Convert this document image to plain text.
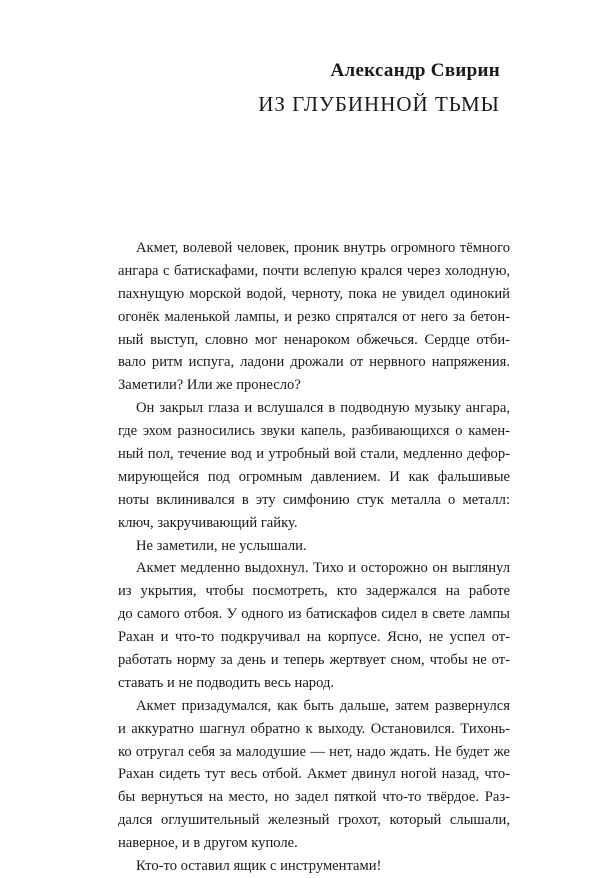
Александр Свирин
ИЗ ГЛУБИННОЙ ТЬМЫ
Акмет, волевой человек, проник внутрь огромного тёмного
ангара с батискафами, почти вслепую крался через холодную,
пахнущую морской водой, черноту, пока не увидел одинокий
огонёк маленькой лампы, и резко спрятался от него за бетон-
ный выступ, словно мог ненароком обжечься. Сердце отби-
вало ритм испуга, ладони дрожали от нервного напряжения.
Заметили? Или же пронесло?
Он закрыл глаза и вслушался в подводную музыку ангара,
где эхом разносились звуки капель, разбивающихся о камен-
ный пол, течение вод и утробный вой стали, медленно дефор-
мирующейся под огромным давлением. И как фальшивые
ноты вклинивался в эту симфонию стук металла о металл:
ключ, закручивающий гайку.
Не заметили, не услышали.
Акмет медленно выдохнул. Тихо и осторожно он выглянул
из укрытия, чтобы посмотреть, кто задержался на работе
до самого отбоя. У одного из батискафов сидел в свете лампы
Рахан и что-то подкручивал на корпусе. Ясно, не успел от-
работать норму за день и теперь жертвует сном, чтобы не от-
ставать и не подводить весь народ.
Акмет призадумался, как быть дальше, затем развернулся
и аккуратно шагнул обратно к выходу. Остановился. Тихонь-
ко отругал себя за малодушие — нет, надо ждать. Не будет же
Рахан сидеть тут весь отбой. Акмет двинул ногой назад, что-
бы вернуться на место, но задел пяткой что-то твёрдое. Раз-
дался оглушительный железный грохот, который слышали,
наверное, и в другом куполе.
Кто-то оставил ящик с инструментами!
